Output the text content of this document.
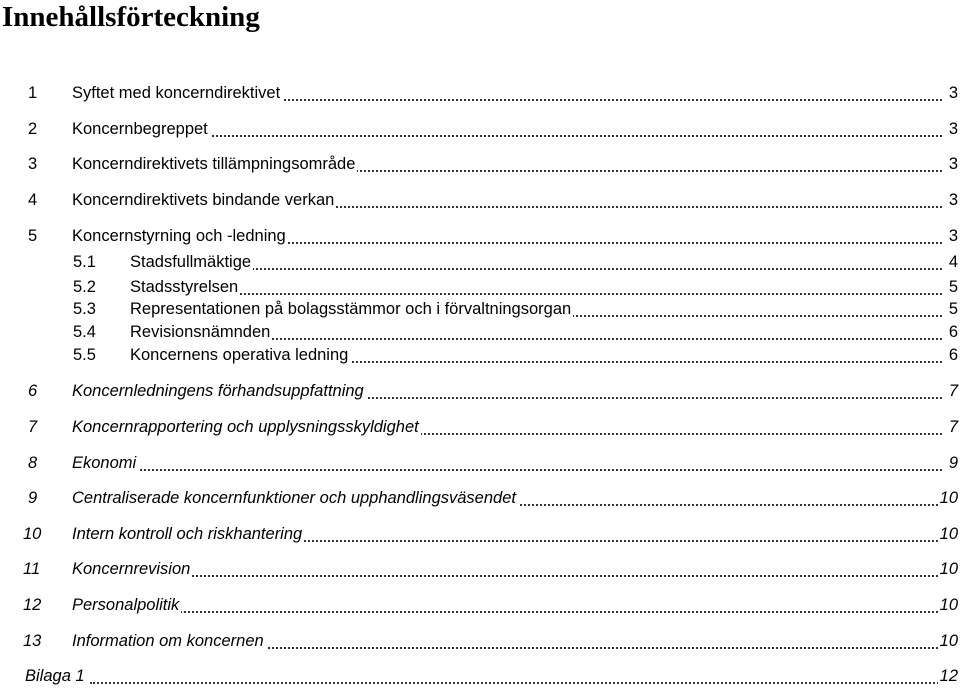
Innehållsförteckning
1 Syftet med koncerndirektivet	3
2 Koncernbegreppet	3
3 Koncerndirektivets tillämpningsområde	3
4 Koncerndirektivets bindande verkan	3
5 Koncernstyrning och -ledning	3
5.1 Stadsfullmäktige	4
5.2 Stadsstyrelsen	5
5.3 Representationen på bolagsstämmor och i förvaltningsorgan	5
5.4 Revisionsnämnden	6
5.5 Koncernens operativa ledning	6
6 Koncernledningens förhandsuppfattning	7
7 Koncernrapportering och upplysningsskyldighet	7
8 Ekonomi	9
9 Centraliserade koncernfunktioner och upphandlingsväsendet	10
10 Intern kontroll och riskhantering	10
11 Koncernrevision	10
12 Personalpolitik	10
13 Information om koncernen	10
Bilaga 1	12
